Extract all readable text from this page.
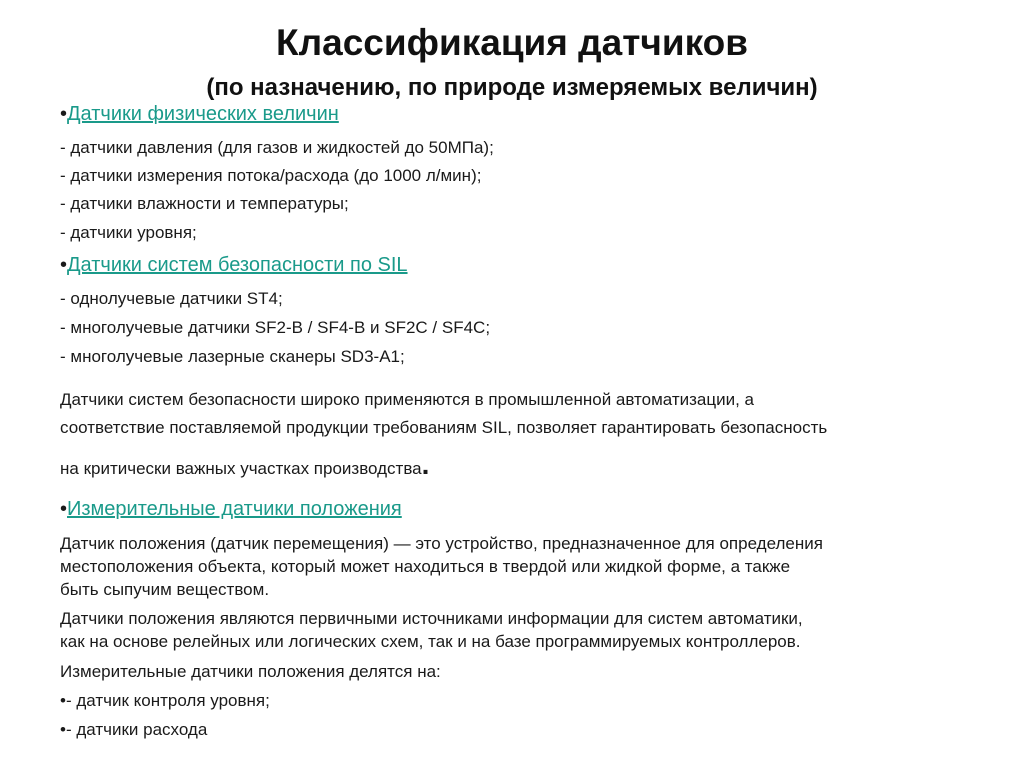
Классификация датчиков
(по назначению, по природе измеряемых величин)
•Датчики физических величин
- датчики давления (для газов и жидкостей до 50МПа);
- датчики измерения потока/расхода (до 1000 л/мин);
- датчики влажности и температуры;
- датчики уровня;
•Датчики систем безопасности по SIL
- однолучевые датчики ST4;
- многолучевые датчики SF2-B / SF4-B и SF2C / SF4C;
- многолучевые лазерные сканеры SD3-A1;
Датчики систем безопасности широко применяются в промышленной автоматизации, а
соответствие поставляемой продукции требованиям SIL, позволяет гарантировать безопасность
на критически важных участках производства.
•Измерительные датчики положения
Датчик положения (датчик перемещения) — это устройство, предназначенное для определения
местоположения объекта, который может находиться в твердой или жидкой форме, а также
быть сыпучим веществом.
Датчики положения являются первичными источниками информации для систем автоматики,
как на основе релейных или логических схем, так и на базе программируемых контроллеров.
Измерительные датчики положения делятся на:
•- датчик контроля уровня;
•- датчики расхода
